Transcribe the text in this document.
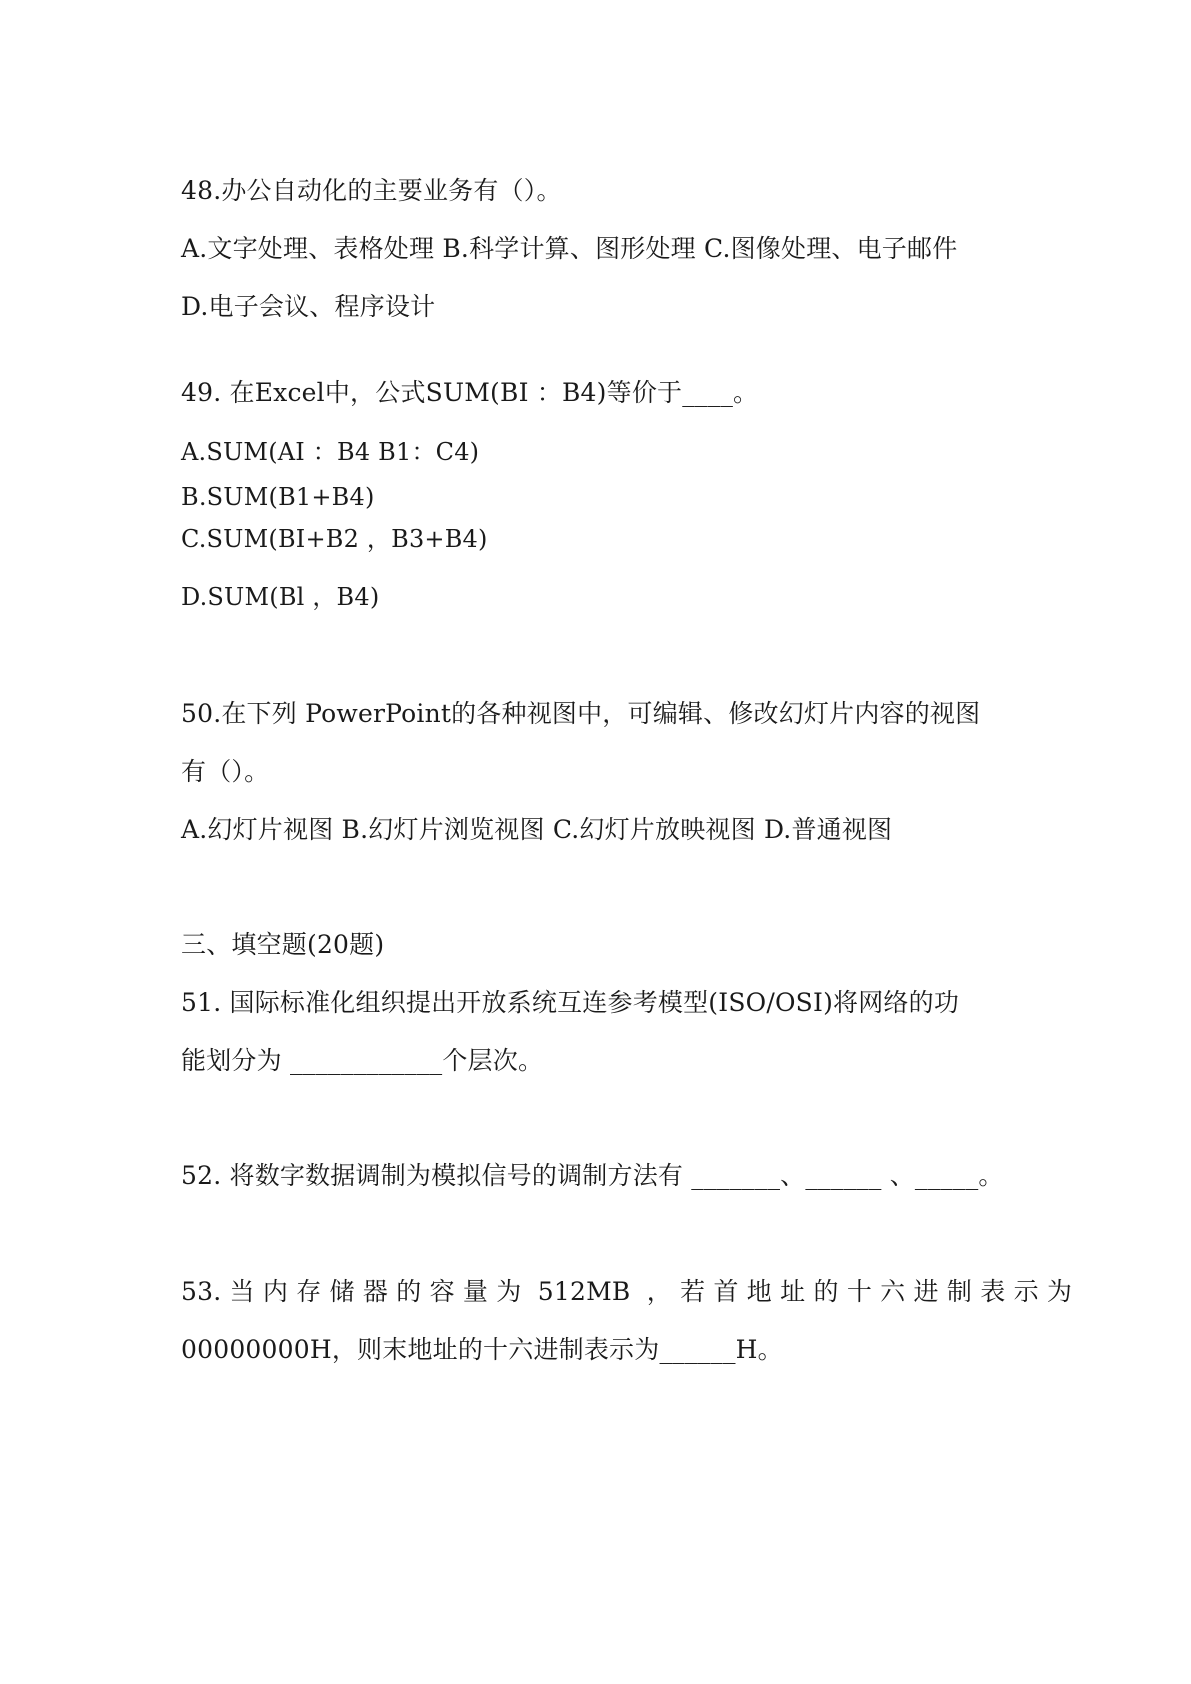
48.办公自动化的主要业务有（）。
A.文字处理、表格处理 B.科学计算、图形处理 C.图像处理、电子邮件
D.电子会议、程序设计
49. 在Excel中，公式SUM(BI ：B4)等价于____。
A.SUM(AI ：B4 B1：C4)
B.SUM(B1+B4)
C.SUM(BI+B2 ，B3+B4)
D.SUM(Bl ，B4)
50.在下列 PowerPoint的各种视图中，可编辑、修改幻灯片内容的视图
有（）。
A.幻灯片视图 B.幻灯片浏览视图 C.幻灯片放映视图 D.普通视图
三、填空题(20题)
51. 国际标准化组织提出开放系统互连参考模型(ISO/OSI)将网络的功
能划分为 ____________个层次。
52. 将数字数据调制为模拟信号的调制方法有 _______、______ 、_____。
53. 当 内 存 储 器 的 容 量 为  512MB  ， 若 首 地 址 的 十 六 进 制 表 示 为
00000000H，则末地址的十六进制表示为______H。
